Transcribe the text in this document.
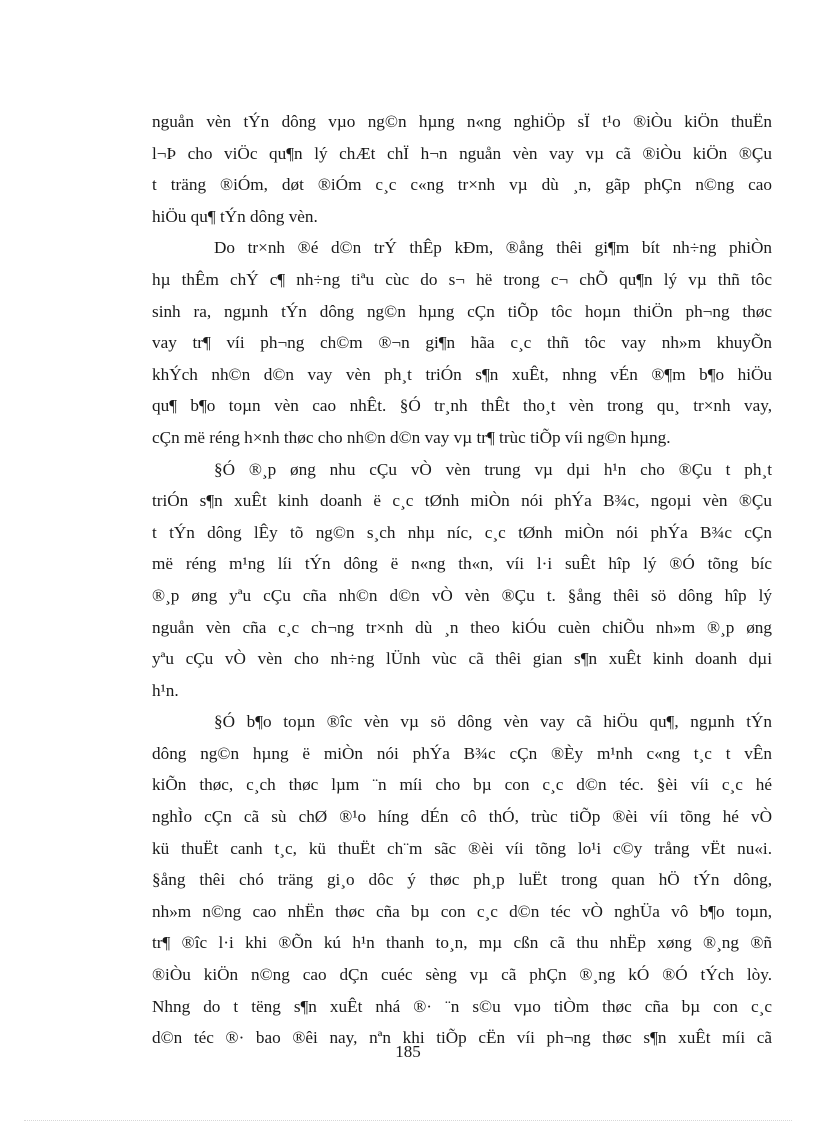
nguån vèn tÝn dông vµo ng©n hµng n«ng nghiÖp sÏ t¹o ®iÒu kiÖn thuËn
l¬Þ cho viÖc qu¶n lý chÆt chÏ h¬n nguån vèn vay vµ cã ®iÒu kiÖn ®Çu
t träng ®iÓm, døt ®iÓm c¸c c«ng tr×nh vµ dù ¸n, gãp phÇn n©ng cao
hiÖu qu¶ tÝn dông vèn.
Do tr×nh ®é d©n trÝ thÊp kÐm, ®ång thêi gi¶m bít nh÷ng phiÒn
hµ thÊm chÝ c¶ nh÷ng tiªu cùc do s¬ hë trong c¬ chÕ qu¶n lý vµ thñ tôc
sinh ra, ngµnh tÝn dông ng©n hµng cÇn tiÕp tôc hoµn thiÖn ph¬ng thøc
vay tr¶ víi ph¬ng ch©m ®¬n gi¶n hãa c¸c thñ tôc vay nh»m khuyÕn
khÝch nh©n d©n vay vèn ph¸t triÓn s¶n xuÊt, nhng vÉn ®¶m b¶o hiÖu
qu¶ b¶o toµn vèn cao nhÊt. §Ó tr¸nh thÊt tho¸t vèn trong qu¸ tr×nh vay,
cÇn më réng h×nh thøc cho nh©n d©n vay vµ tr¶ trùc tiÕp víi ng©n hµng.
§Ó ®¸p øng nhu cÇu vÒ vèn trung vµ dµi h¹n cho ®Çu t ph¸t
triÓn s¶n xuÊt kinh doanh ë c¸c tØnh miÒn nói phÝa B¾c, ngoµi vèn ®Çu
t tÝn dông lÊy tõ ng©n s¸ch nhµ níc, c¸c tØnh miÒn nói phÝa B¾c cÇn
më réng m¹ng líi tÝn dông ë n«ng th«n, víi l·i suÊt hîp lý ®Ó tõng bíc
®¸p øng yªu cÇu cña nh©n d©n vÒ vèn ®Çu t. §ång thêi sö dông hîp lý
nguån vèn cña c¸c ch¬ng tr×nh dù ¸n theo kiÓu cuèn chiÕu nh»m ®¸p øng
yªu cÇu vÒ vèn cho nh÷ng lÜnh vùc cã thêi gian s¶n xuÊt kinh doanh dµi
h¹n.
§Ó b¶o toµn ®îc vèn vµ sö dông vèn vay cã hiÖu qu¶, ngµnh tÝn
dông ng©n hµng ë miÒn nói phÝa B¾c cÇn ®Èy m¹nh c«ng t¸c t vÊn
kiÕn thøc, c¸ch thøc lµm ¨n míi cho bµ con c¸c d©n téc. §èi víi c¸c hé
nghÌo cÇn cã sù chØ ®¹o híng dÉn cô thÓ, trùc tiÕp ®èi víi tõng hé vÒ
kü thuËt canh t¸c, kü thuËt ch¨m sãc ®èi víi tõng lo¹i c©y trång vËt nu«i.
§ång thêi chó träng gi¸o dôc ý thøc ph¸p luËt trong quan hÖ tÝn dông,
nh»m n©ng cao nhËn thøc cña bµ con c¸c d©n téc vÒ nghÜa vô b¶o toµn,
tr¶ ®îc l·i khi ®Õn kú h¹n thanh to¸n, mµ cßn cã thu nhËp xøng ®¸ng ®ñ
®iÒu kiÖn n©ng cao dÇn cuéc sèng vµ cã phÇn ®¸ng kÓ ®Ó tÝch lòy.
Nhng do t tëng s¶n xuÊt nhá ®· ¨n s©u vµo tiÒm thøc cña bµ con c¸c
d©n téc ®· bao ®êi nay, nªn khi tiÕp cËn víi ph¬ng thøc s¶n xuÊt míi cã
185
